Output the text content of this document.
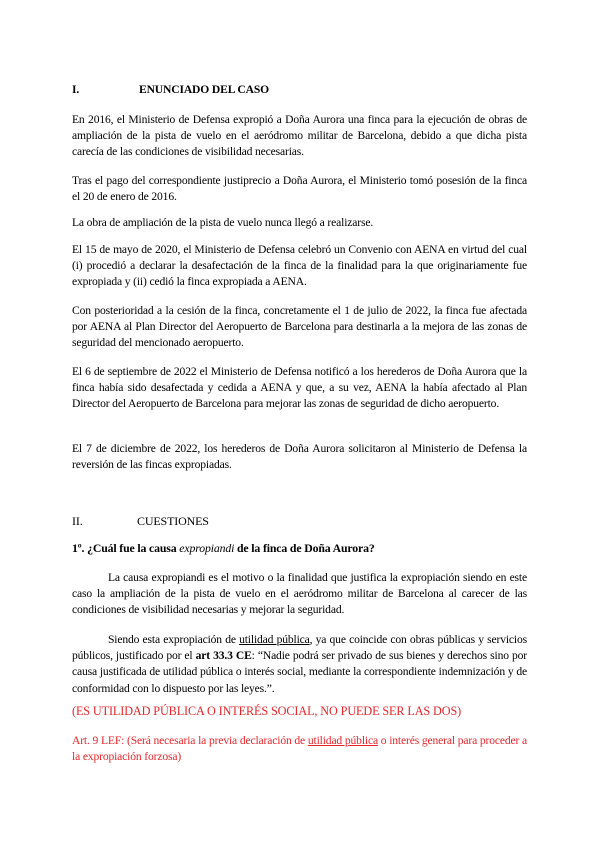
I.	ENUNCIADO DEL CASO

En 2016, el Ministerio de Defensa expropió a Doña Aurora una finca para la ejecución de obras de ampliación de la pista de vuelo en el aeródromo militar de Barcelona, debido a que dicha pista carecía de las condiciones de visibilidad necesarias.

Tras el pago del correspondiente justiprecio a Doña Aurora, el Ministerio tomó posesión de la finca el 20 de enero de 2016.

La obra de ampliación de la pista de vuelo nunca llegó a realizarse.

El 15 de mayo de 2020, el Ministerio de Defensa celebró un Convenio con AENA en virtud del cual (i) procedió a declarar la desafectación de la finca de la finalidad para la que originariamente fue expropiada y (ii) cedió la finca expropiada a AENA.

Con posterioridad a la cesión de la finca, concretamente el 1 de julio de 2022, la finca fue afectada por AENA al Plan Director del Aeropuerto de Barcelona para destinarla a la mejora de las zonas de seguridad del mencionado aeropuerto.

El 6 de septiembre de 2022 el Ministerio de Defensa notificó a los herederos de Doña Aurora que la finca había sido desafectada y cedida a AENA y que, a su vez, AENA la había afectado al Plan Director del Aeropuerto de Barcelona para mejorar las zonas de seguridad de dicho aeropuerto.

El 7 de diciembre de 2022, los herederos de Doña Aurora solicitaron al Ministerio de Defensa la reversión de las fincas expropiadas.

II.	CUESTIONES

1º. ¿Cuál fue la causa expropiandi de la finca de Doña Aurora?

La causa expropiandi es el motivo o la finalidad que justifica la expropiación siendo en este caso la ampliación de la pista de vuelo en el aeródromo militar de Barcelona al carecer de las condiciones de visibilidad necesarias y mejorar la seguridad.

Siendo esta expropiación de utilidad pública, ya que coincide con obras públicas y servicios públicos, justificado por el art 33.3 CE: “Nadie podrá ser privado de sus bienes y derechos sino por causa justificada de utilidad pública o interés social, mediante la correspondiente indemnización y de conformidad con lo dispuesto por las leyes.”.

(ES UTILIDAD PÚBLICA O INTERÉS SOCIAL, NO PUEDE SER LAS DOS)

Art. 9 LEF: (Será necesaria la previa declaración de utilidad pública o interés general para proceder a la expropiación forzosa)
